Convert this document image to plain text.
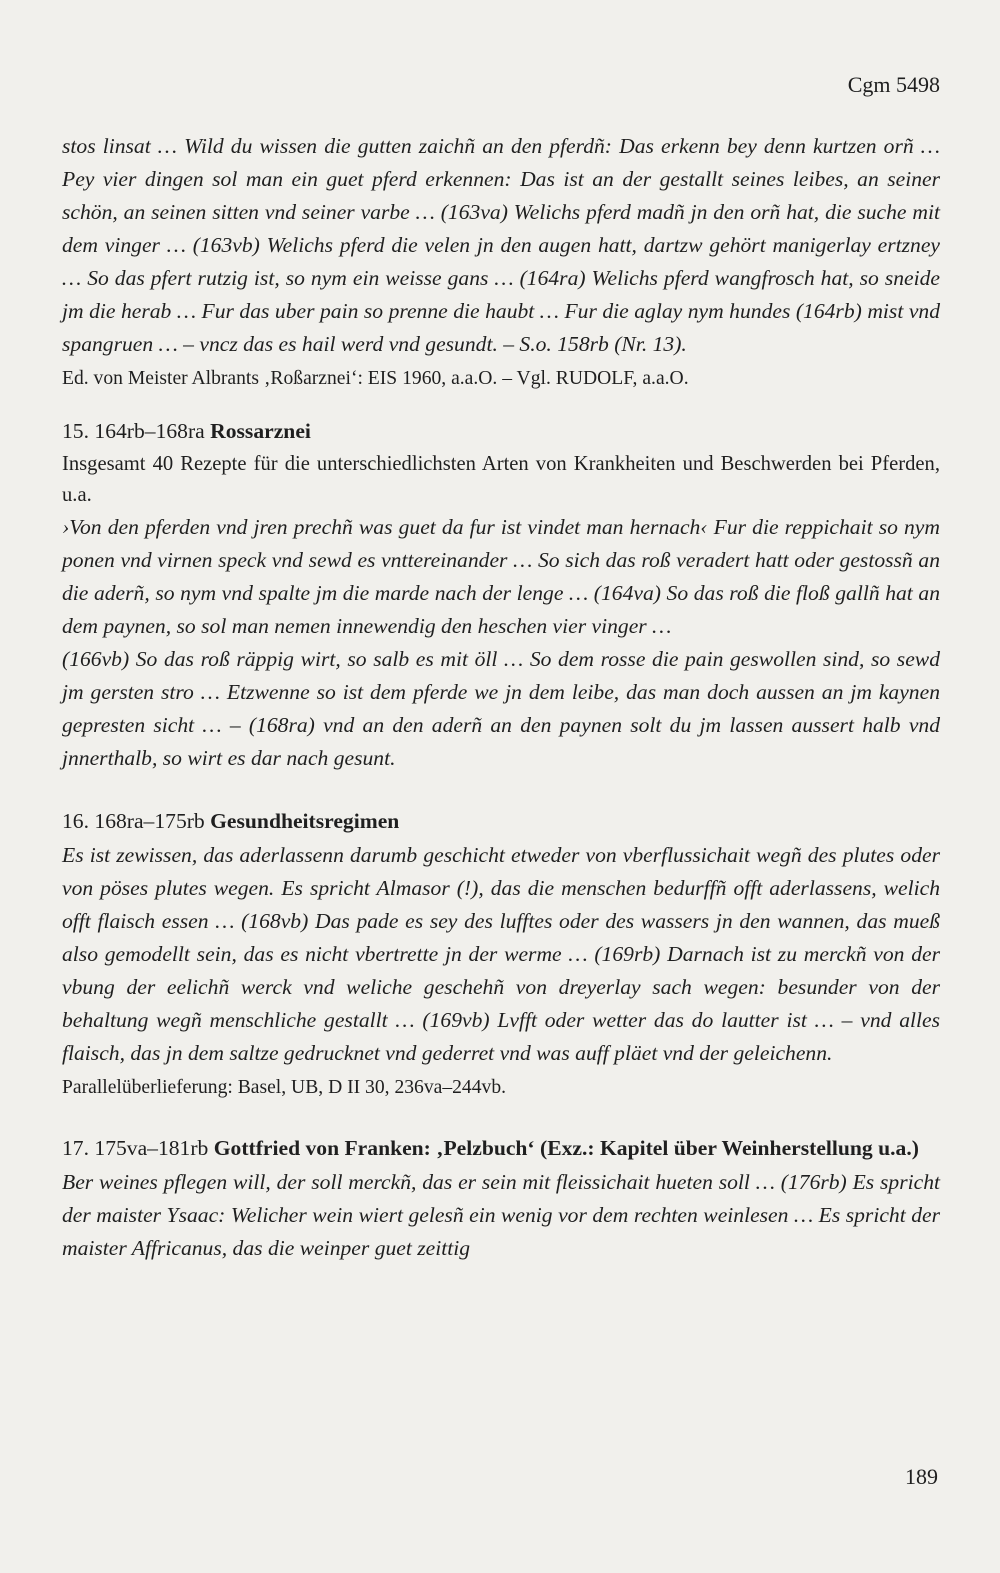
Cgm 5498

stos linsat … Wild du wissen die gutten zaichñ an den pferdñ: Das erkenn bey denn kurtzen orñ … Pey vier dingen sol man ein guet pferd erkennen: Das ist an der gestallt seines leibes, an seiner schön, an seinen sitten vnd seiner varbe … (163va) Welichs pferd madñ jn den orñ hat, die suche mit dem vinger … (163vb) Welichs pferd die velen jn den augen hatt, dartzw gehört manigerlay ertzney … So das pfert rutzig ist, so nym ein weisse gans … (164ra) Welichs pferd wangfrosch hat, so sneide jm die herab … Fur das uber pain so prenne die haubt … Fur die aglay nym hundes (164rb) mist vnd spangruen … – vncz das es hail werd vnd gesundt. – S.o. 158rb (Nr. 13).

Ed. von Meister Albrants ‚Roßarznei‘: EIS 1960, a.a.O. – Vgl. RUDOLF, a.a.O.

15. 164rb–168ra Rossarznei

Insgesamt 40 Rezepte für die unterschiedlichsten Arten von Krankheiten und Beschwerden bei Pferden, u.a.

›Von den pferden vnd jren prechñ was guet da fur ist vindet man hernach‹ Fur die reppichait so nym ponen vnd virnen speck vnd sewd es vnttereinander … So sich das roß veradert hatt oder gestossñ an die aderñ, so nym vnd spalte jm die marde nach der lenge … (164va) So das roß die floß gallñ hat an dem paynen, so sol man nemen innewendig den heschen vier vinger …

(166vb) So das roß räppig wirt, so salb es mit öll … So dem rosse die pain geswollen sind, so sewd jm gersten stro … Etzwenne so ist dem pferde we jn dem leibe, das man doch aussen an jm kaynen gepresten sicht … – (168ra) vnd an den aderñ an den paynen solt du jm lassen aussert halb vnd jnnerthalb, so wirt es dar nach gesunt.

16. 168ra–175rb Gesundheitsregimen

Es ist zewissen, das aderlassenn darumb geschicht etweder von vberflussichait wegñ des plutes oder von pöses plutes wegen. Es spricht Almasor (!), das die menschen bedurffñ offt aderlassens, welich offt flaisch essen … (168vb) Das pade es sey des lufftes oder des wassers jn den wannen, das mueß also gemodellt sein, das es nicht vbertrette jn der werme … (169rb) Darnach ist zu merckñ von der vbung der eelichñ werck vnd weliche geschehñ von dreyerlay sach wegen: besunder von der behaltung wegñ menschliche gestallt … (169vb) Lvfft oder wetter das do lautter ist … – vnd alles flaisch, das jn dem saltze gedrucknet vnd gederret vnd was auff pläet vnd der geleichenn.

Parallelüberlieferung: Basel, UB, D II 30, 236va–244vb.

17. 175va–181rb Gottfried von Franken: ‚Pelzbuch‘ (Exz.: Kapitel über Weinherstellung u.a.)

Ber weines pflegen will, der soll merckñ, das er sein mit fleissichait hueten soll … (176rb) Es spricht der maister Ysaac: Welicher wein wiert gelesñ ein wenig vor dem rechten weinlesen … Es spricht der maister Affricanus, das die weinper guet zeittig

189
